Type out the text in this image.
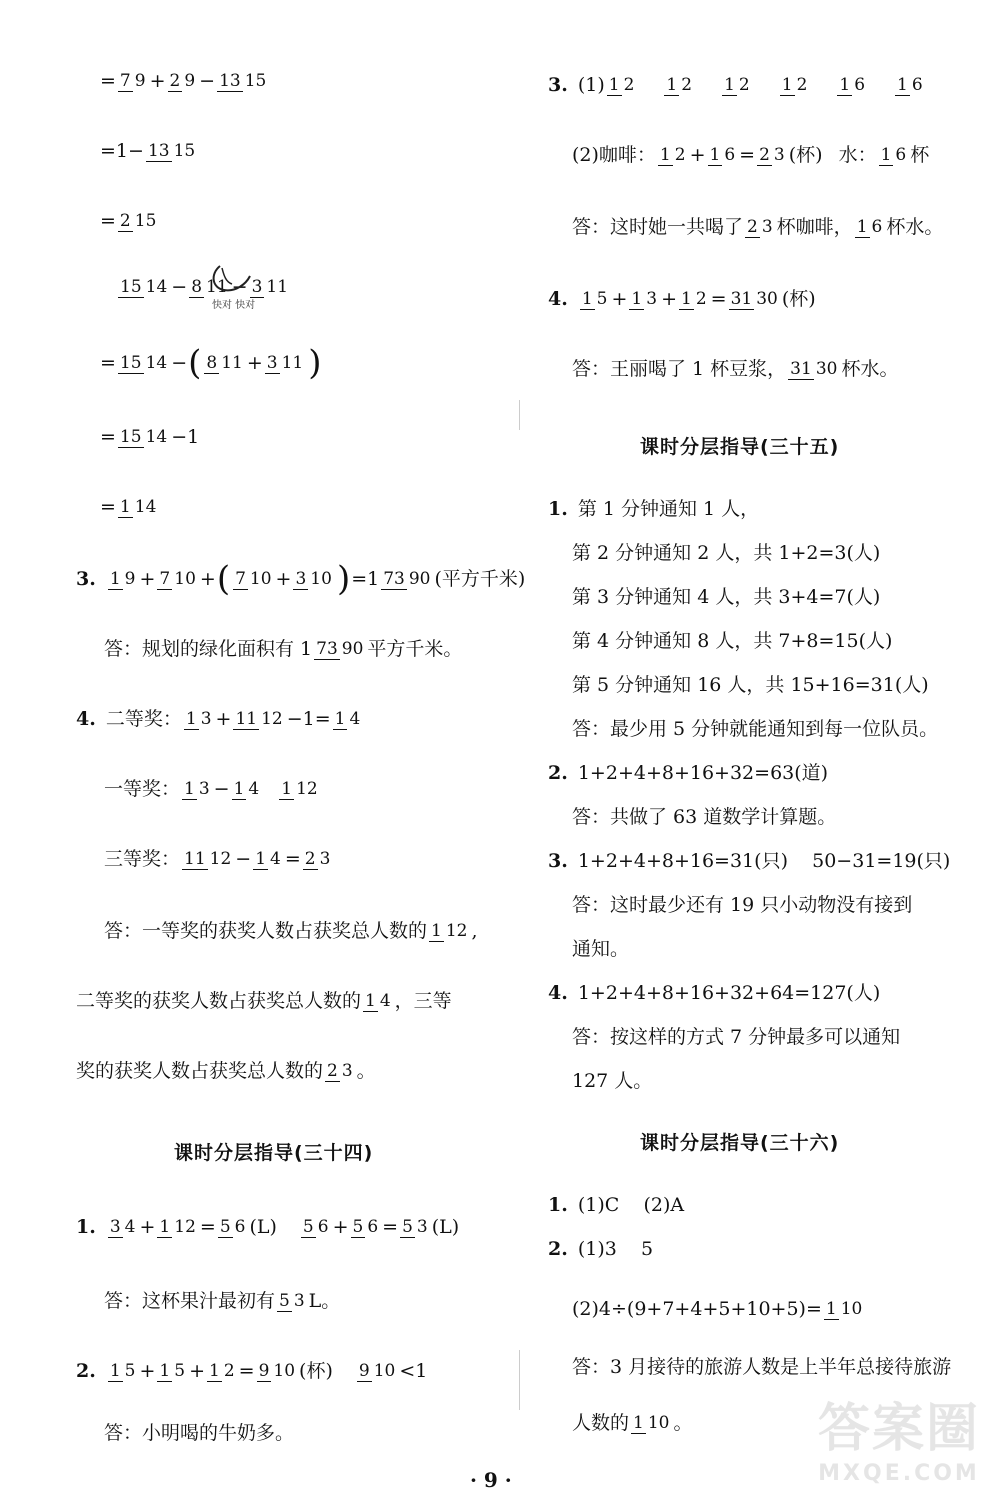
= 7 9 + 2 9 − 13 15
=1− 13 15
= 2 15
15 14 − 8 11 − 3 11
快对 快对
= 15 14 − ( 8 11 + 3 11 )
= 15 14 −1
= 1 14
3. 1 9 + 7 10 + ( 7 10 + 3 10 ) =1 73 90 (平方千米)
答：规划的绿化面积有 1 73 90 平方千米。
4. 二等奖： 1 3 + 11 12 −1= 1 4
一等奖： 1 3 − 1 4 1 12
三等奖： 11 12 − 1 4 = 2 3
答：一等奖的获奖人数占获奖总人数的 1 12 ,
二等奖的获奖人数占获奖总人数的 1 4 ，三等
奖的获奖人数占获奖总人数的 2 3 。
课时分层指导(三十四)
1. 3 4 + 1 12 = 5 6 (L) 5 6 + 5 6 = 5 3 (L)
答：这杯果汁最初有 5 3 L。
2. 1 5 + 1 5 + 1 2 = 9 10 (杯) 9 10 <1
答：小明喝的牛奶多。
3. (1) 1 2 1 2 1 2 1 2 1 6 1 6
(2)咖啡： 1 2 + 1 6 = 2 3 (杯) 水： 1 6 杯
答：这时她一共喝了 2 3 杯咖啡， 1 6 杯水。
4. 1 5 + 1 3 + 1 2 = 31 30 (杯)
答：王丽喝了 1 杯豆浆， 31 30 杯水。
课时分层指导(三十五)
1. 第 1 分钟通知 1 人，
第 2 分钟通知 2 人，共 1+2=3(人)
第 3 分钟通知 4 人，共 3+4=7(人)
第 4 分钟通知 8 人，共 7+8=15(人)
第 5 分钟通知 16 人，共 15+16=31(人)
答：最少用 5 分钟就能通知到每一位队员。
2. 1+2+4+8+16+32=63(道)
答：共做了 63 道数学计算题。
3. 1+2+4+8+16=31(只)    50−31=19(只)
答：这时最少还有 19 只小动物没有接到
通知。
4. 1+2+4+8+16+32+64=127(人)
答：按这样的方式 7 分钟最多可以通知
127 人。
课时分层指导(三十六)
1. (1)C    (2)A
2. (1)3    5
(2)4÷(9+7+4+5+10+5)= 1 10
答：3 月接待的旅游人数是上半年总接待旅游
人数的 1 10 。
· 9 ·
答案圈
MXQE.COM
